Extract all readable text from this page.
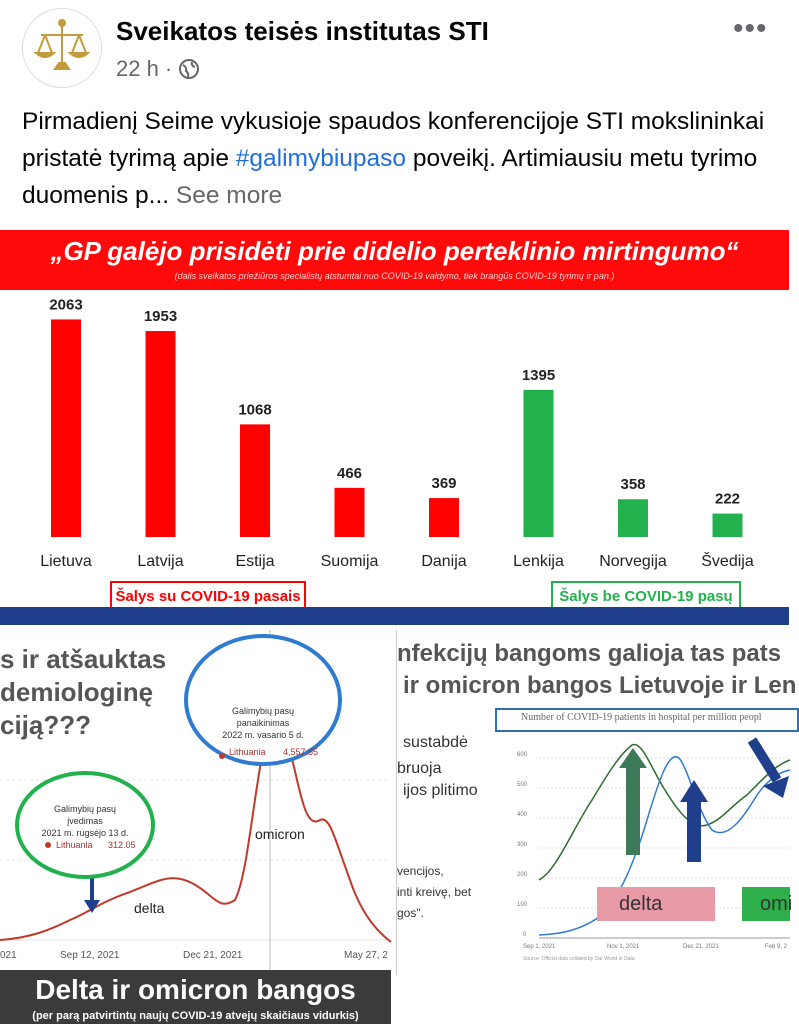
Sveikatos teisės institutas STI
22 h ·
•••
Pirmadienį Seime vykusioje spaudos konferencijoje STI mokslininkai pristatė tyrimą apie #galimybiupaso poveikį. Artimiausiu metu tyrimo duomenis p... See more
„GP galėjo prisidėti prie didelio perteklinio mirtingumo“
(dalis sveikatos priežiūros specialistų atstumtai nuo COVID-19 valdymo, tiek brangūs COVID-19 tyrimų ir pan.)
2063
Lietuva
1953
Latvija
1068
Estija
466
Suomija
369
Danija
1395
Lenkija
358
Norvegija
222
Švedija
Šalys su COVID-19 pasais	Šalys be COVID-19 pasų
s ir atšauktas
demiologinę
ciją???	Galimybių pasų
panaikinimas
2022 m. vasario 5 d.
Lithuania 4,557.85
Galimybių pasų
įvedimas
2021 m. rugsėjo 13 d.
Lithuania 312.05
delta
omicron
021	Sep 12, 2021	Dec 21, 2021	May 27, 2
Delta ir omicron bangos
(per parą patvirtintų naujų COVID-19 atvejų skaičiaus vidurkis)
nfekcijų bangoms galioja tas pats
ir omicron bangos Lietuvoje ir Len
Number of COVID-19 patients in hospital per million peopl
sustabdė
bruoja
ijos plitimo
vencijos,
inti kreivę, bet
gos".	delta	omi
600
500
400
300
200
100
0
Sep 1, 2021	Nov 1, 2021	Dec 21, 2021	Feb 9, 2
Source: Official data collated by Our World in Data
